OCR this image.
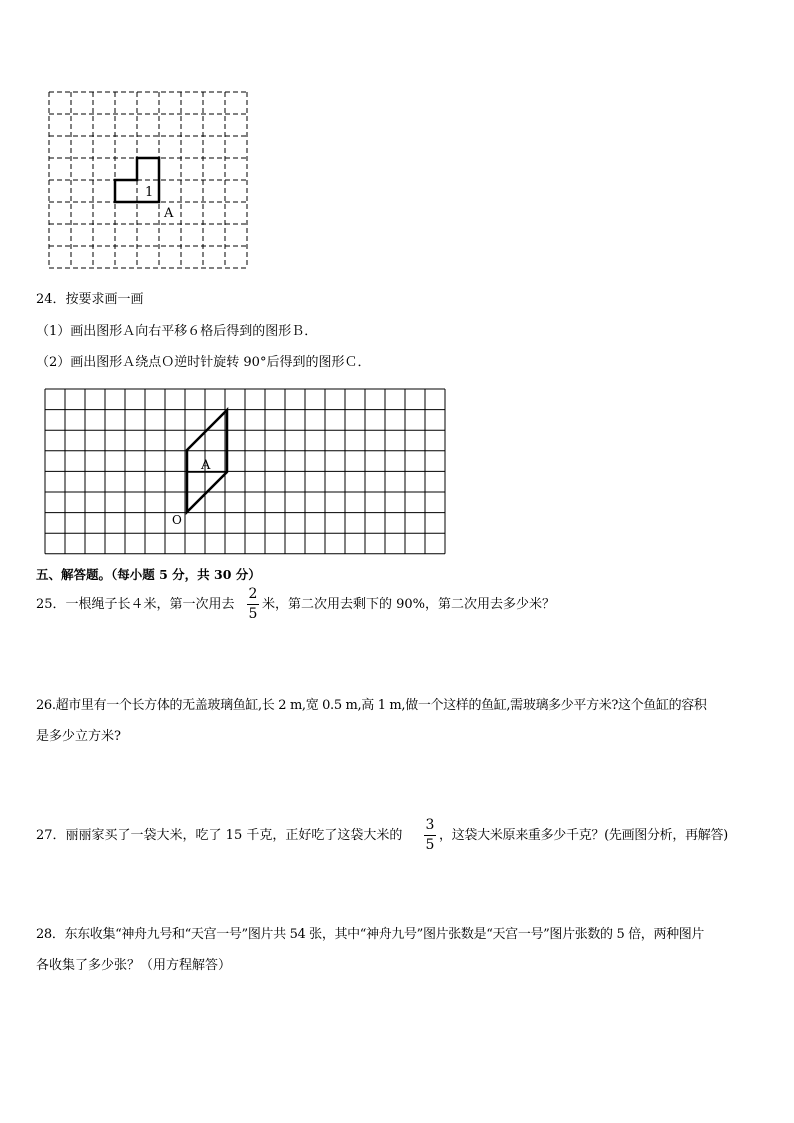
1
A
24．按要求画一画
（1）画出图形Ａ向右平移６格后得到的图形Ｂ．
（2）画出图形Ａ绕点Ｏ逆时针旋转 90°后得到的图形Ｃ．
A
O
五、解答题。（每小题 5 分，共 30 分）
25．一根绳子长４米，第一次用去
2
5
米，第二次用去剩下的 90%，第二次用去多少米？
26.超市里有一个长方体的无盖玻璃鱼缸,长 2 m,宽 0.5 m,高 1 m,做一个这样的鱼缸,需玻璃多少平方米?这个鱼缸的容积
是多少立方米?
27．丽丽家买了一袋大米，吃了 15 千克，正好吃了这袋大米的
3
5
，这袋大米原来重多少千克？(先画图分析，再解答)
28．东东收集“神舟九号和“天宫一号”图片共 54 张，其中“神舟九号”图片张数是“天宫一号”图片张数的 5 倍，两种图片
各收集了多少张？（用方程解答）
